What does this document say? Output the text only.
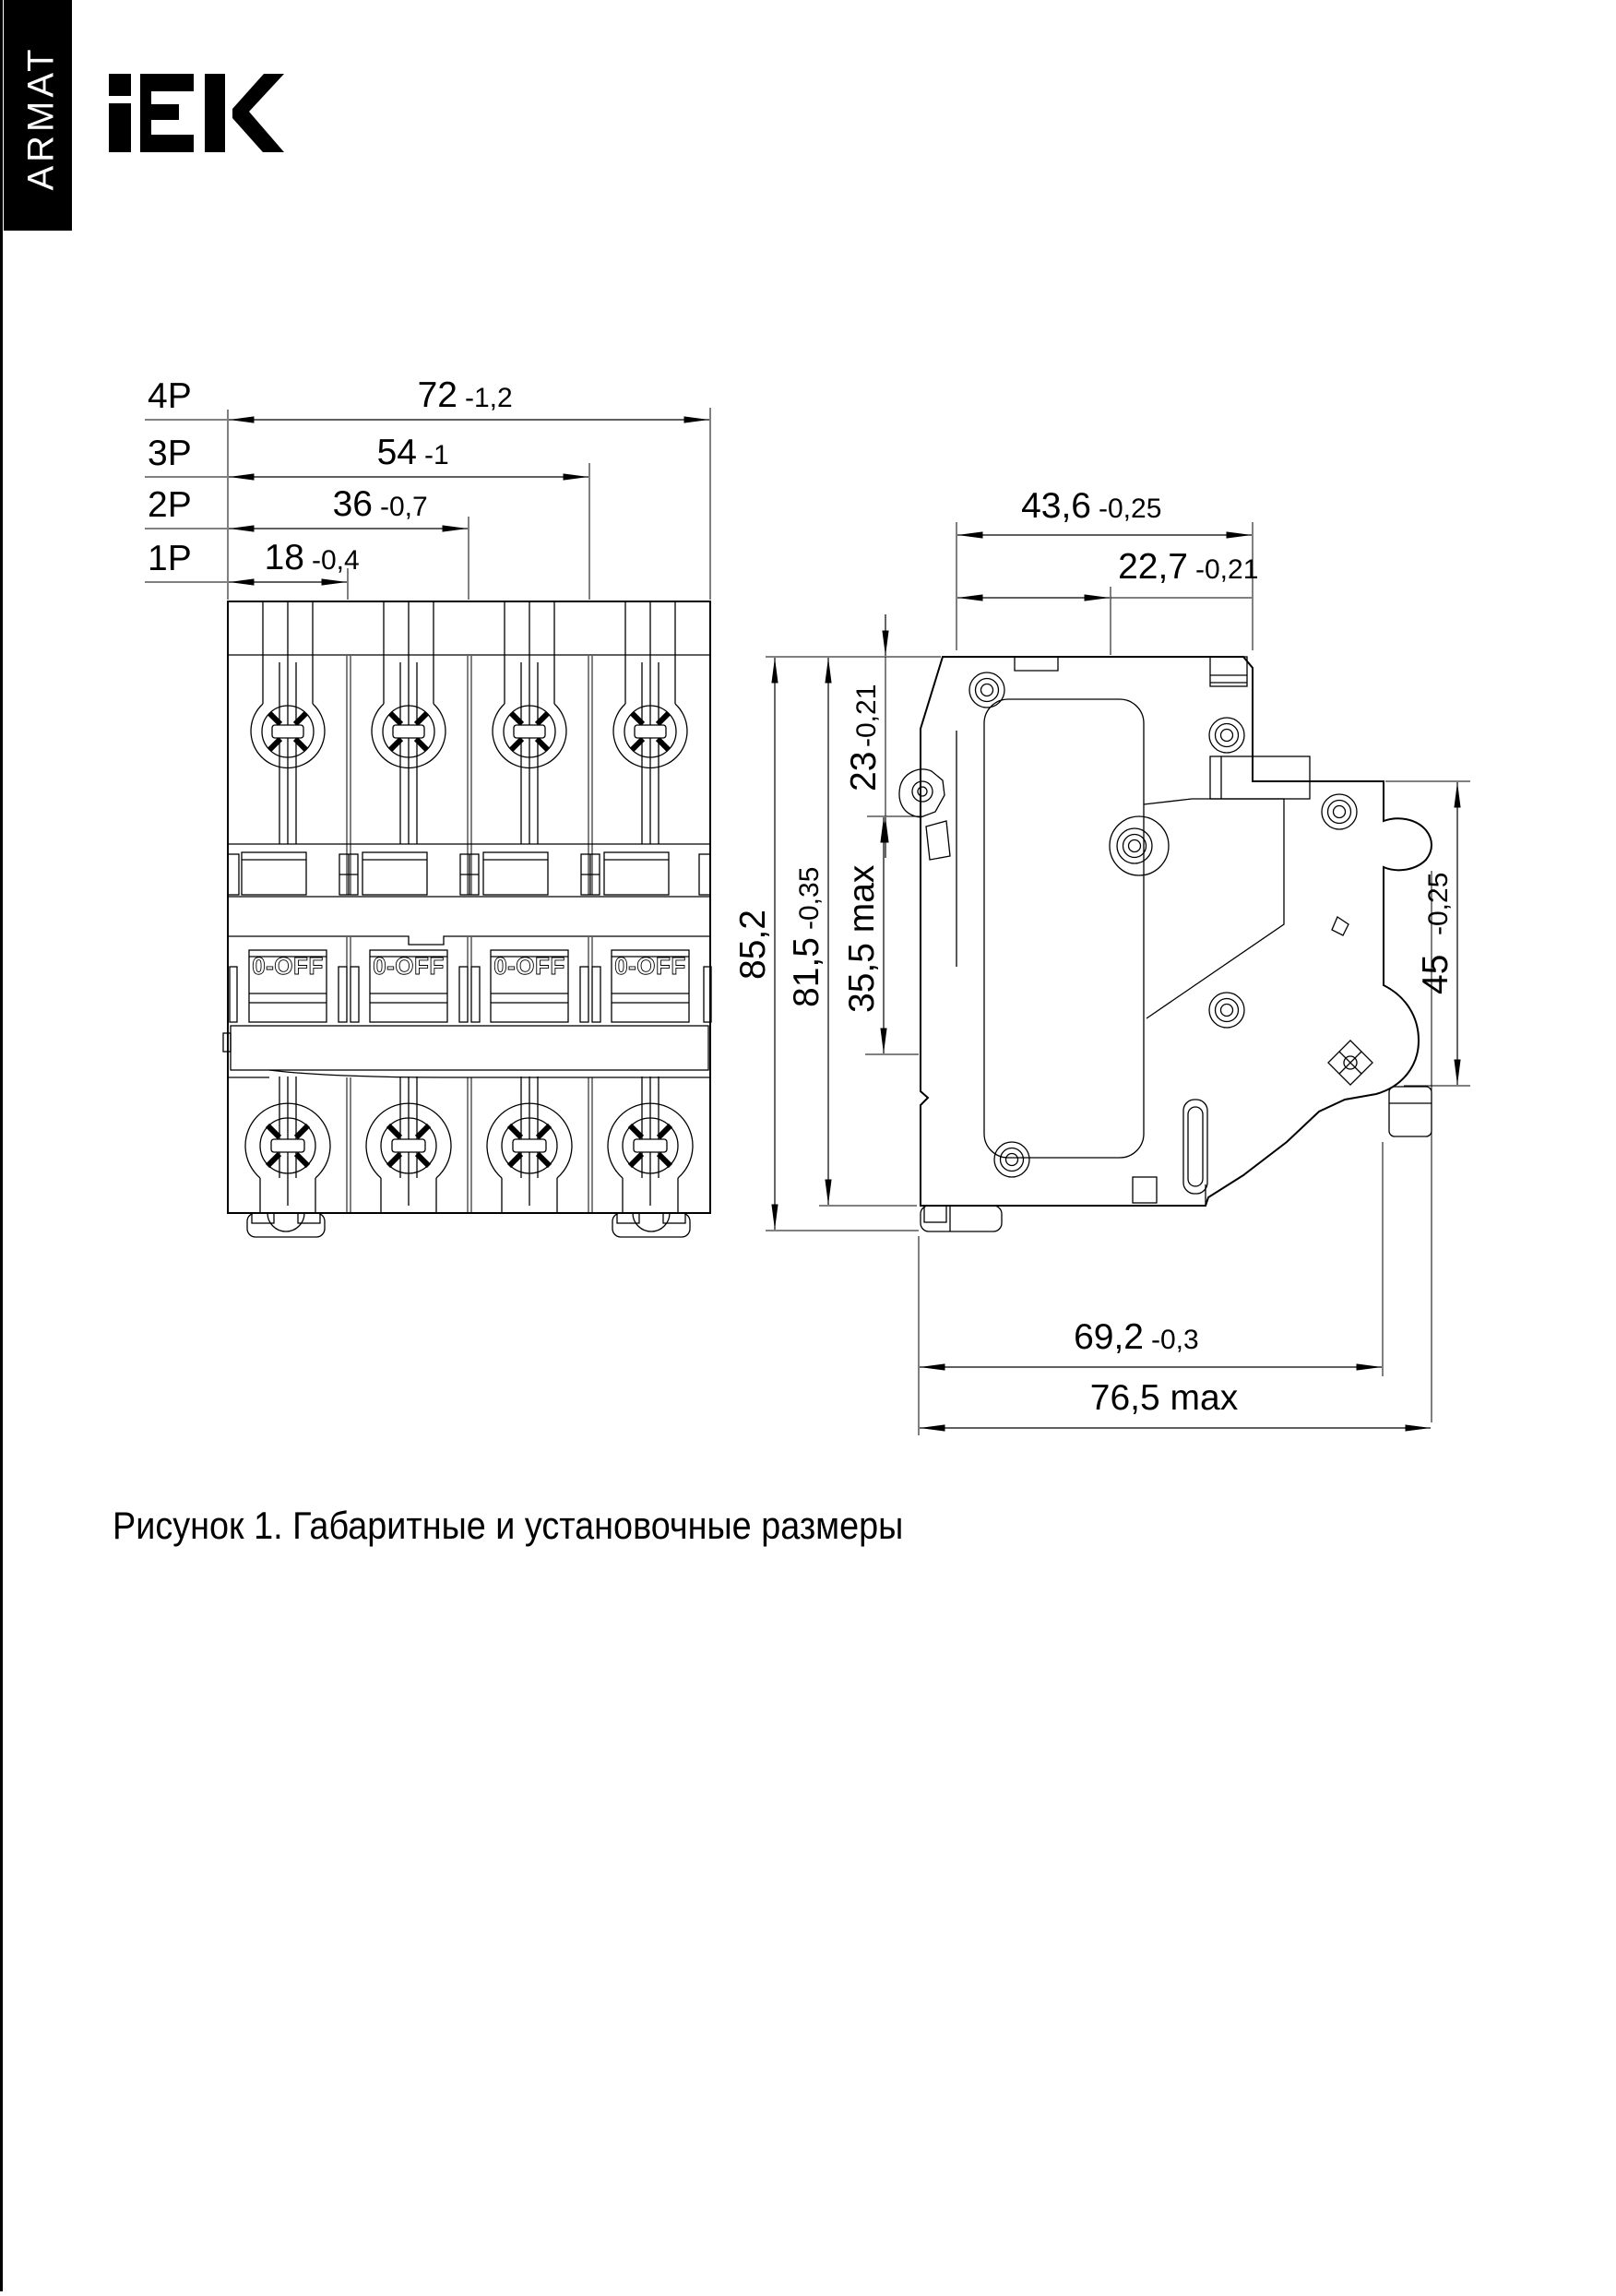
ARMAT
0-OFF 0-OFF 0-OFF 0-OFF
4P
3P
2P
1P
72 -1,2
54 -1
36 -0,7
18 -0,4
43,6 -0,25
22,7 -0,21
85,2 81,5
-0,35
23
-0,21
35,5 max	45
-0,25
69,2 -0,3
76,5 max
Рисунок 1. Габаритные и установочные размеры
